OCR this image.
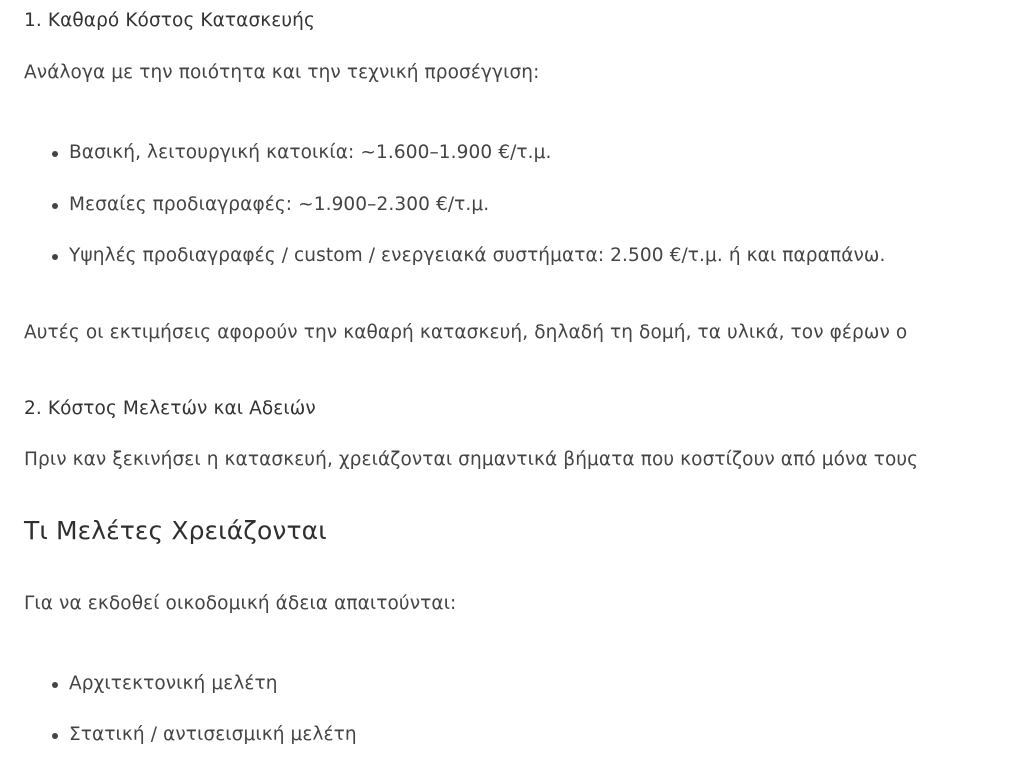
1. Καθαρό Κόστος Κατασκευής
Ανάλογα με την ποιότητα και την τεχνική προσέγγιση:
Βασική, λειτουργική κατοικία: ~1.600–1.900 €/τ.μ.
Μεσαίες προδιαγραφές: ~1.900–2.300 €/τ.μ.
Υψηλές προδιαγραφές / custom / ενεργειακά συστήματα: 2.500 €/τ.μ. ή και παραπάνω.
Αυτές οι εκτιμήσεις αφορούν την καθαρή κατασκευή, δηλαδή τη δομή, τα υλικά, τον φέρων ο
2. Κόστος Μελετών και Αδειών
Πριν καν ξεκινήσει η κατασκευή, χρειάζονται σημαντικά βήματα που κοστίζουν από μόνα τους
Τι Μελέτες Χρειάζονται
Για να εκδοθεί οικοδομική άδεια απαιτούνται:
Αρχιτεκτονική μελέτη
Στατική / αντισεισμική μελέτη
